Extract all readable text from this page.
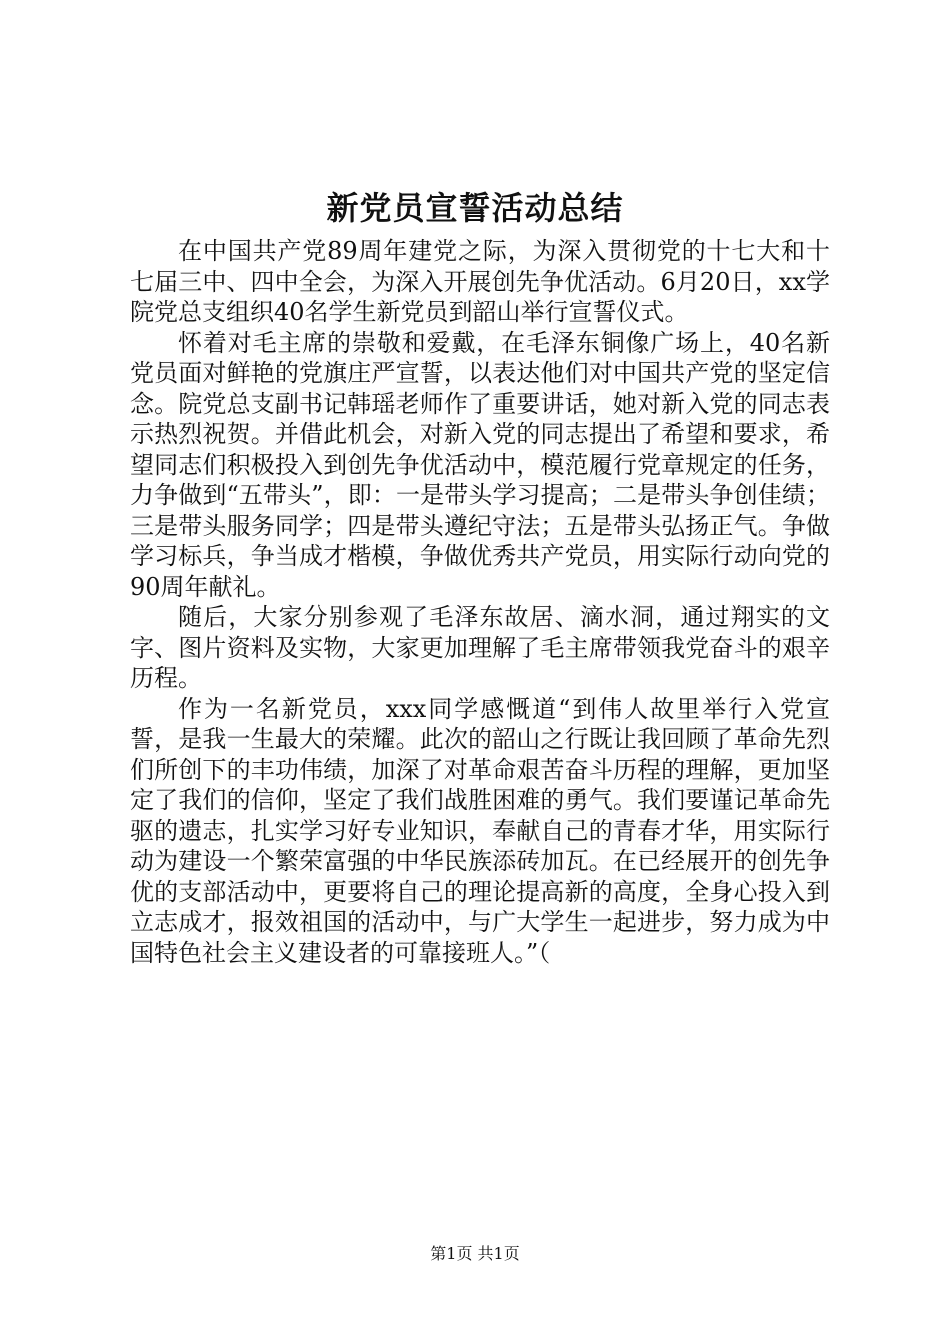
新党员宣誓活动总结

在中国共产党89周年建党之际，为深入贯彻党的十七大和十七届三中、四中全会，为深入开展创先争优活动。6月20日，xx学院党总支组织40名学生新党员到韶山举行宣誓仪式。

怀着对毛主席的崇敬和爱戴，在毛泽东铜像广场上，40名新党员面对鲜艳的党旗庄严宣誓，以表达他们对中国共产党的坚定信念。院党总支副书记韩瑶老师作了重要讲话，她对新入党的同志表示热烈祝贺。并借此机会，对新入党的同志提出了希望和要求，希望同志们积极投入到创先争优活动中，模范履行党章规定的任务，力争做到“五带头”，即：一是带头学习提高；二是带头争创佳绩；三是带头服务同学；四是带头遵纪守法；五是带头弘扬正气。争做学习标兵，争当成才楷模，争做优秀共产党员，用实际行动向党的90周年献礼。

随后，大家分别参观了毛泽东故居、滴水洞，通过翔实的文字、图片资料及实物，大家更加理解了毛主席带领我党奋斗的艰辛历程。

作为一名新党员，xxx同学感慨道“到伟人故里举行入党宣誓，是我一生最大的荣耀。此次的韶山之行既让我回顾了革命先烈们所创下的丰功伟绩，加深了对革命艰苦奋斗历程的理解，更加坚定了我们的信仰，坚定了我们战胜困难的勇气。我们要谨记革命先驱的遗志，扎实学习好专业知识，奉献自己的青春才华，用实际行动为建设一个繁荣富强的中华民族添砖加瓦。在已经展开的创先争优的支部活动中，更要将自己的理论提高新的高度，全身心投入到立志成才，报效祖国的活动中，与广大学生一起进步，努力成为中国特色社会主义建设者的可靠接班人。”（

第1页 共1页
